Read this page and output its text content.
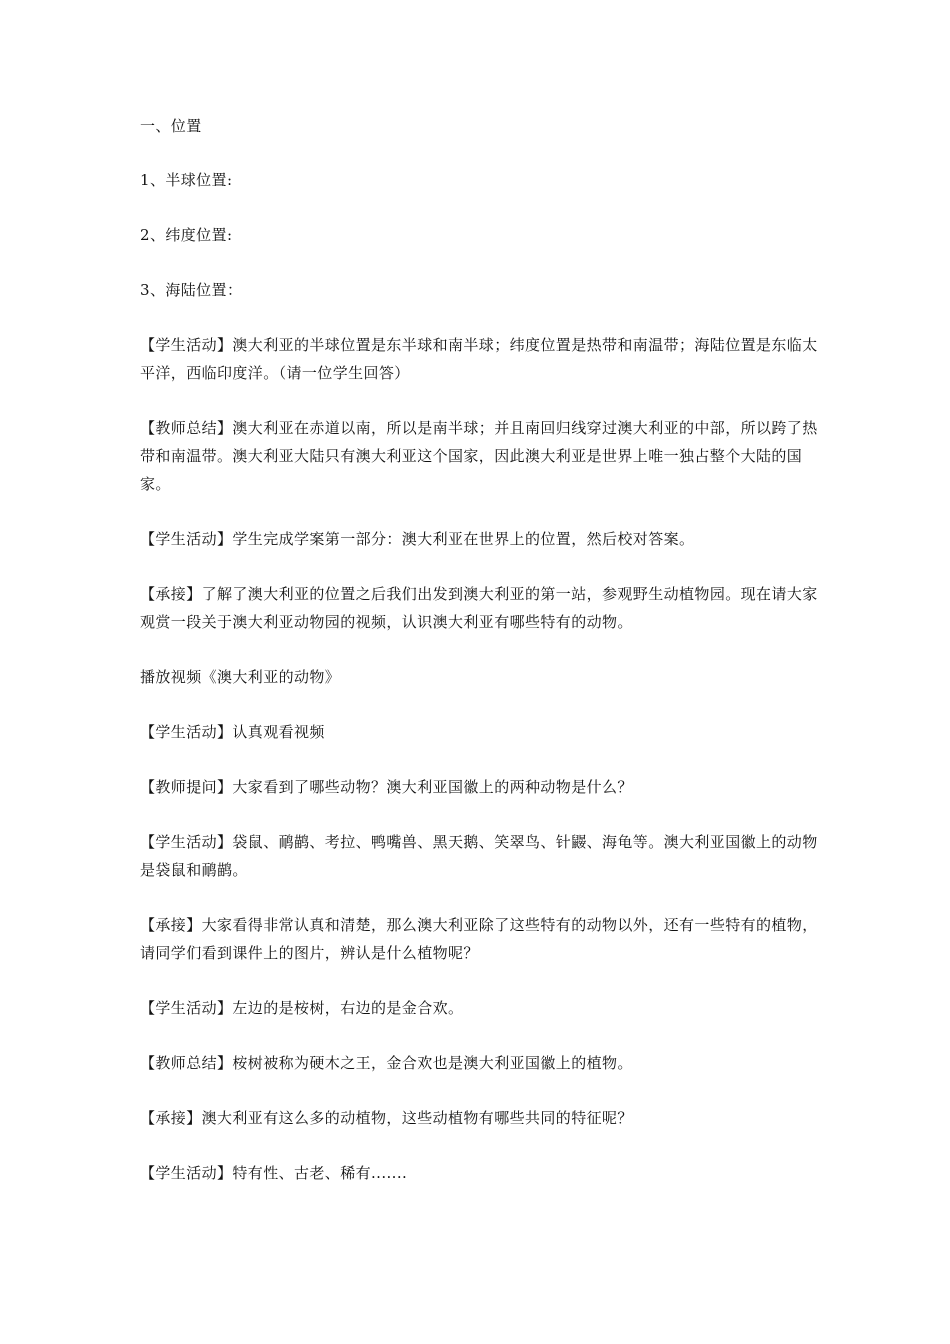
一、位置

1、半球位置:

2、纬度位置:

3、海陆位置：

【学生活动】澳大利亚的半球位置是东半球和南半球；纬度位置是热带和南温带；海陆位置是东临太平洋，西临印度洋。（请一位学生回答）

【教师总结】澳大利亚在赤道以南，所以是南半球；并且南回归线穿过澳大利亚的中部，所以跨了热带和南温带。澳大利亚大陆只有澳大利亚这个国家，因此澳大利亚是世界上唯一独占整个大陆的国家。

【学生活动】学生完成学案第一部分：澳大利亚在世界上的位置，然后校对答案。

【承接】了解了澳大利亚的位置之后我们出发到澳大利亚的第一站，参观野生动植物园。现在请大家观赏一段关于澳大利亚动物园的视频，认识澳大利亚有哪些特有的动物。

播放视频《澳大利亚的动物》

【学生活动】认真观看视频

【教师提问】大家看到了哪些动物？澳大利亚国徽上的两种动物是什么？

【学生活动】袋鼠、鸸鹋、考拉、鸭嘴兽、黑天鹅、笑翠鸟、针鼹、海龟等。澳大利亚国徽上的动物是袋鼠和鸸鹋。

【承接】大家看得非常认真和清楚，那么澳大利亚除了这些特有的动物以外，还有一些特有的植物，请同学们看到课件上的图片，辨认是什么植物呢？

【学生活动】左边的是桉树，右边的是金合欢。

【教师总结】桉树被称为硬木之王，金合欢也是澳大利亚国徽上的植物。

【承接】澳大利亚有这么多的动植物，这些动植物有哪些共同的特征呢？

【学生活动】特有性、古老、稀有.......
